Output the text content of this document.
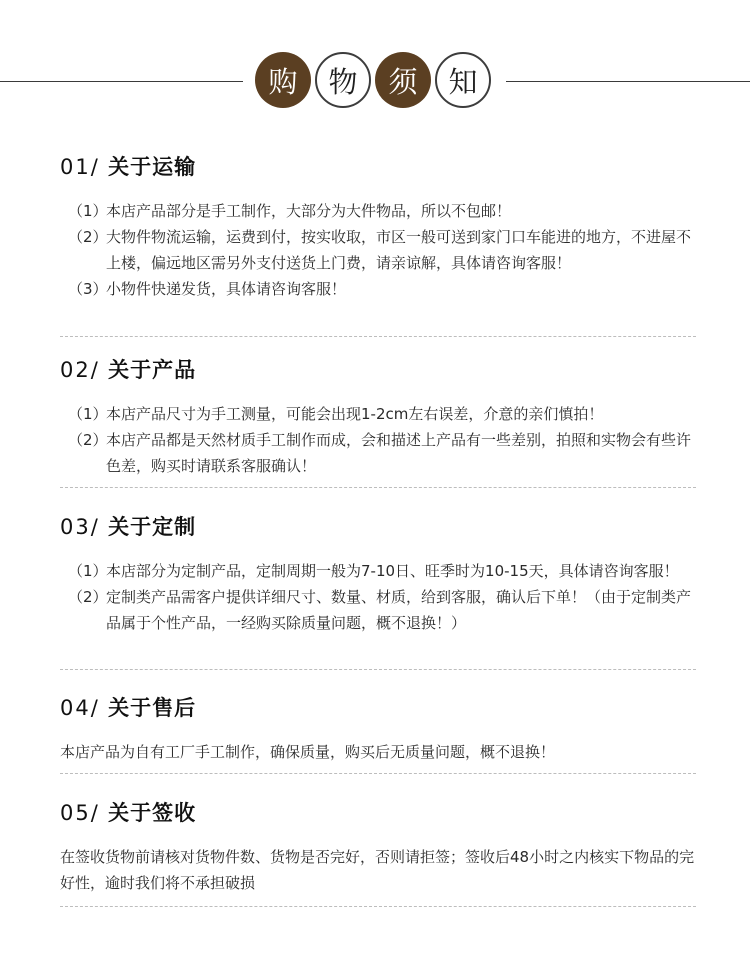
购	物	须	知
01/ 关于运输
（1）
本店产品部分是手工制作，大部分为大件物品，所以不包邮！
（2）
大物件物流运输，运费到付，按实收取，市区一般可送到家门口车能进的地方，不进屋不上楼，偏远地区需另外支付送货上门费，请亲谅解，具体请咨询客服！
（3）
小物件快递发货，具体请咨询客服！
02/ 关于产品
（1）
本店产品尺寸为手工测量，可能会出现1-2cm左右误差，介意的亲们慎拍！
（2）
本店产品都是天然材质手工制作而成，会和描述上产品有一些差别，拍照和实物会有些许色差，购买时请联系客服确认！
03/ 关于定制
（1）
本店部分为定制产品，定制周期一般为7-10日、旺季时为10-15天，具体请咨询客服！
（2）
定制类产品需客户提供详细尺寸、数量、材质，给到客服，确认后下单！（由于定制类产品属于个性产品，一经购买除质量问题，概不退换！）
04/ 关于售后
本店产品为自有工厂手工制作，确保质量，购买后无质量问题，概不退换！
05/ 关于签收
在签收货物前请核对货物件数、货物是否完好，否则请拒签；签收后48小时之内核实下物品的完好性，逾时我们将不承担破损
